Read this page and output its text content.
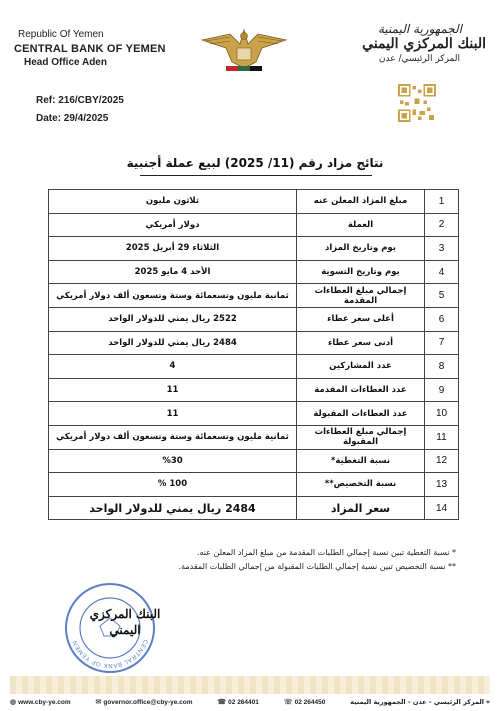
Republic Of Yemen
CENTRAL BANK OF YEMEN
Head Office Aden
Ref: 216/CBY/2025
Date: 29/4/2025
الجمهورية اليمنية
البنك المركزي اليمني
المركز الرئيسي/ عدن
نتائج مزاد رقم (11/ 2025) لبيع عملة أجنبية
1	مبلغ المزاد المعلن عنه	ثلاثون مليون
2	العملة	دولار أمريكي
3	يوم وتاريخ المزاد	الثلاثاء 29 أبريل 2025
4	يوم وتاريخ التسوية	الأحد 4 مايو 2025
5	إجمالي مبلغ العطاءات المقدمة	ثمانية مليون وتسعمائة وستة وتسعون ألف دولار أمريكي
6	أعلى سعر عطاء	2522 ريال يمني للدولار الواحد
7	أدنى سعر عطاء	2484 ريال يمني للدولار الواحد
8	عدد المشاركين	4
9	عدد العطاءات المقدمة	11
10	عدد العطاءات المقبولة	11
11	إجمالي مبلغ العطاءات المقبولة	ثمانية مليون وتسعمائة وستة وتسعون ألف دولار أمريكي
12	نسبة التغطية*	%30
13	نسبة التخصيص**	100 %
14	سعر المزاد	2484 ريال يمني للدولار الواحد
* نسبة التغطية تبين نسبة إجمالي الطلبات المقدمة من مبلغ المزاد المعلن عنه.
** نسبة التخصيص تبين نسبة إجمالي الطلبات المقبولة من إجمالي الطلبات المقدمة.
CENTRAL BANK OF YEMEN
البنك المركزي اليمني
◍ www.cby-ye.com	✉ governor.office@cby-ye.com	☎ 02 264401	☏ 02 264450	⌖
المركز الرئيسي - عدن - الجمهورية اليمنية
